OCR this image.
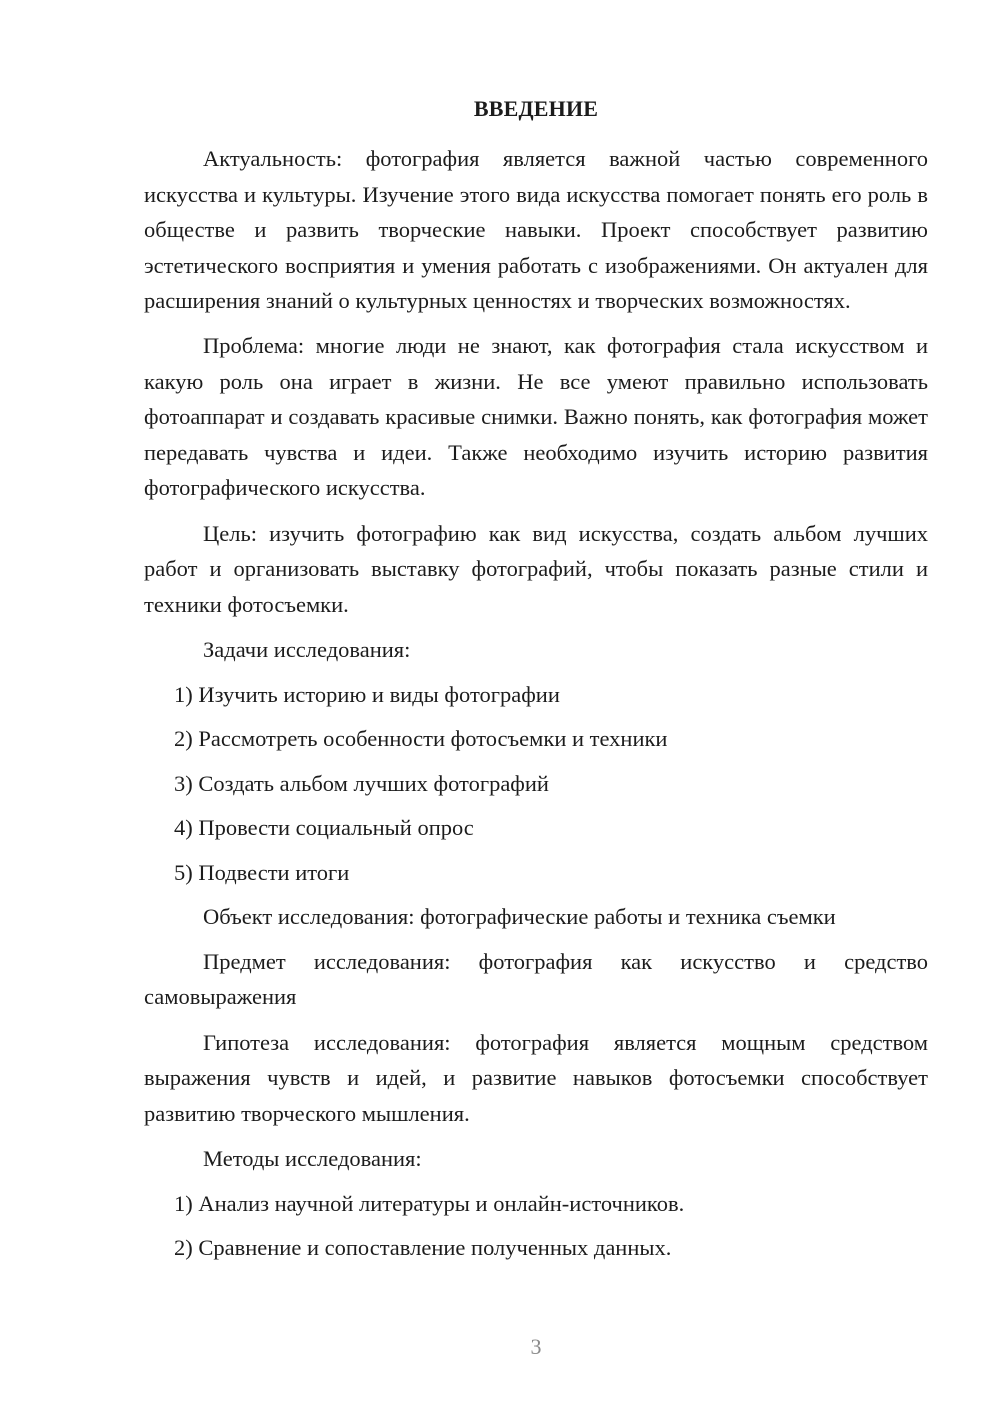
ВВЕДЕНИЕ

Актуальность: фотография является важной частью современного искусства и культуры. Изучение этого вида искусства помогает понять его роль в обществе и развить творческие навыки. Проект способствует развитию эстетического восприятия и умения работать с изображениями. Он актуален для расширения знаний о культурных ценностях и творческих возможностях.

Проблема: многие люди не знают, как фотография стала искусством и какую роль она играет в жизни. Не все умеют правильно использовать фотоаппарат и создавать красивые снимки. Важно понять, как фотография может передавать чувства и идеи. Также необходимо изучить историю развития фотографического искусства.

Цель: изучить фотографию как вид искусства, создать альбом лучших работ и организовать выставку фотографий, чтобы показать разные стили и техники фотосъемки.

Задачи исследования:

1) Изучить историю и виды фотографии

2) Рассмотреть особенности фотосъемки и техники

3) Создать альбом лучших фотографий

4) Провести социальный опрос

5) Подвести итоги

Объект исследования: фотографические работы и техника съемки

Предмет исследования: фотография как искусство и средство самовыражения

Гипотеза исследования: фотография является мощным средством выражения чувств и идей, и развитие навыков фотосъемки способствует развитию творческого мышления.

Методы исследования:

1) Анализ научной литературы и онлайн-источников.

2) Сравнение и сопоставление полученных данных.

3
